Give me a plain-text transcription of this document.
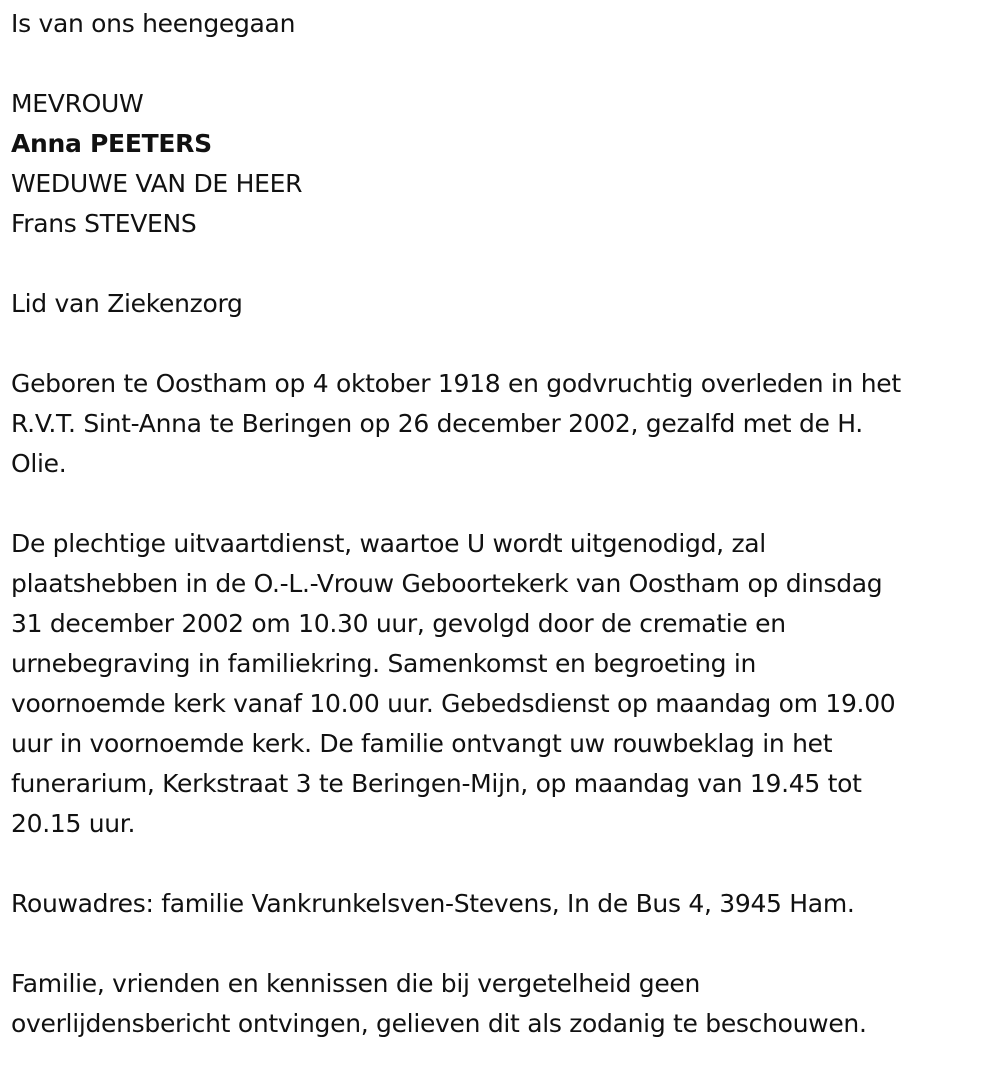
Is van ons heengegaan

MEVROUW

Anna PEETERS

WEDUWE VAN DE HEER

Frans STEVENS

Lid van Ziekenzorg

Geboren te Oostham op 4 oktober 1918 en godvruchtig overleden in het
R.V.T. Sint-Anna te Beringen op 26 december 2002, gezalfd met de H.
Olie.

De plechtige uitvaartdienst, waartoe U wordt uitgenodigd, zal
plaatshebben in de O.-L.-Vrouw Geboortekerk van Oostham op dinsdag
31 december 2002 om 10.30 uur, gevolgd door de crematie en
urnebegraving in familiekring. Samenkomst en begroeting in
voornoemde kerk vanaf 10.00 uur. Gebedsdienst op maandag om 19.00
uur in voornoemde kerk. De familie ontvangt uw rouwbeklag in het
funerarium, Kerkstraat 3 te Beringen-Mijn, op maandag van 19.45 tot
20.15 uur.

Rouwadres: familie Vankrunkelsven-Stevens, In de Bus 4, 3945 Ham.

Familie, vrienden en kennissen die bij vergetelheid geen
overlijdensbericht ontvingen, gelieven dit als zodanig te beschouwen.
